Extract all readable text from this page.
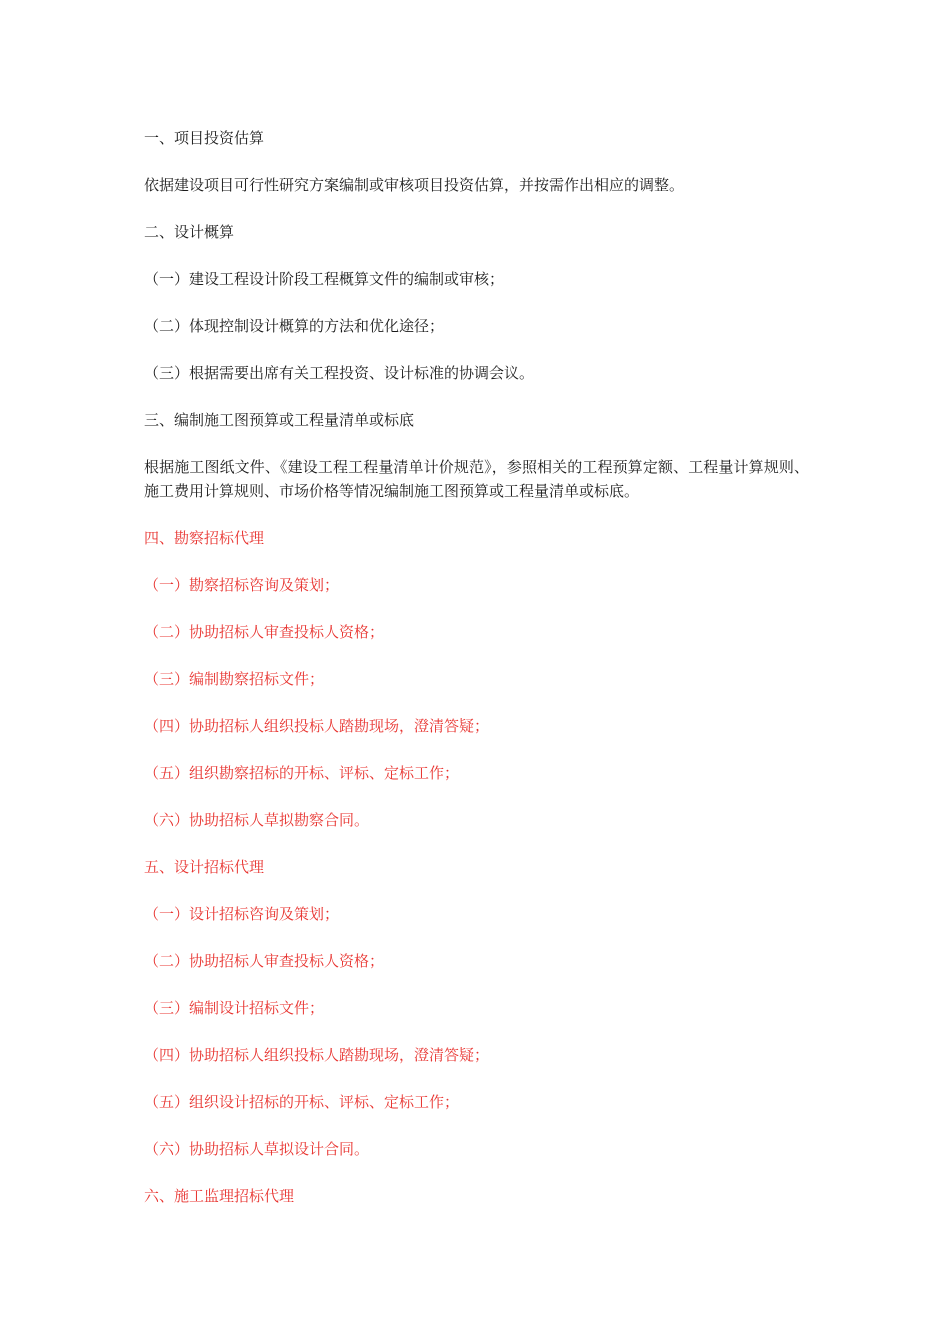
一、项目投资估算

依据建设项目可行性研究方案编制或审核项目投资估算，并按需作出相应的调整。

二、设计概算

（一）建设工程设计阶段工程概算文件的编制或审核；

（二）体现控制设计概算的方法和优化途径；

（三）根据需要出席有关工程投资、设计标准的协调会议。

三、编制施工图预算或工程量清单或标底

根据施工图纸文件、《建设工程工程量清单计价规范》，参照相关的工程预算定额、工程量计算规则、施工费用计算规则、市场价格等情况编制施工图预算或工程量清单或标底。

四、勘察招标代理

（一）勘察招标咨询及策划；

（二）协助招标人审查投标人资格；

（三）编制勘察招标文件；

（四）协助招标人组织投标人踏勘现场，澄清答疑；

（五）组织勘察招标的开标、评标、定标工作；

（六）协助招标人草拟勘察合同。

五、设计招标代理

（一）设计招标咨询及策划；

（二）协助招标人审查投标人资格；

（三）编制设计招标文件；

（四）协助招标人组织投标人踏勘现场，澄清答疑；

（五）组织设计招标的开标、评标、定标工作；

（六）协助招标人草拟设计合同。

六、施工监理招标代理
